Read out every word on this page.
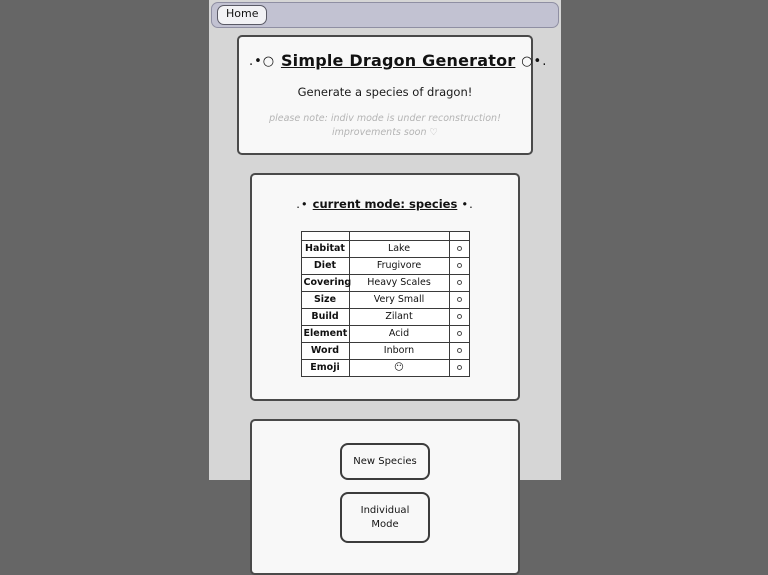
Home
.•○ Simple Dragon Generator ○•.
Generate a species of dragon!
please note: indiv mode is under reconstruction!
improvements soon ♡
.• current mode: species •.

Habitat	Lake	
Diet	Frugivore	
Covering	Heavy Scales	
Size	Very Small	
Build	Zilant	
Element	Acid	
Word	Inborn	
Emoji	😶	
New Species
Individual Mode
